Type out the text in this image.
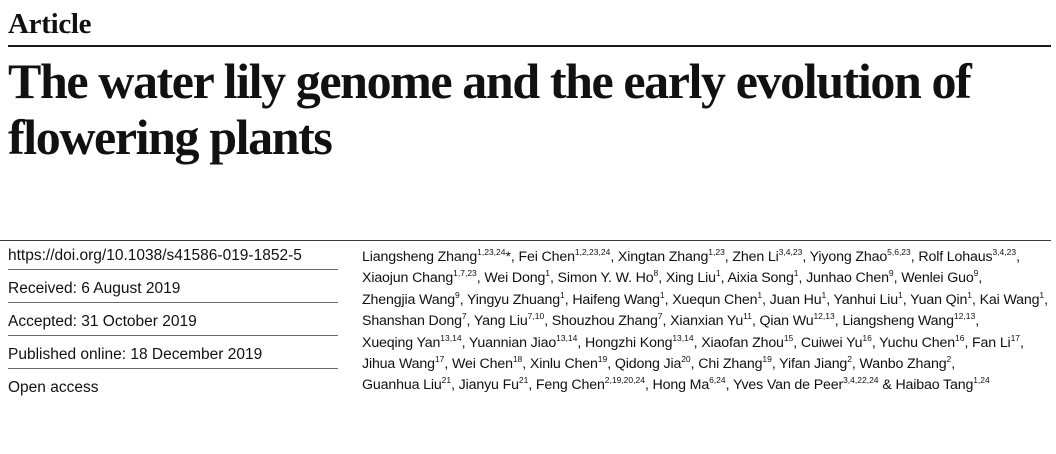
Article
The water lily genome and the early evolution of flowering plants
https://doi.org/10.1038/s41586-019-1852-5
Received: 6 August 2019
Accepted: 31 October 2019
Published online: 18 December 2019
Open access
Liangsheng Zhang$^{1,23,24}$*, Fei Chen$^{1,2,23,24}$, Xingtan Zhang$^{1,23}$, Zhen Li$^{3,4,23}$, Yiyong Zhao$^{5,6,23}$, Rolf Lohaus$^{3,4,23}$, Xiaojun Chang$^{1,7,23}$, Wei Dong$^1$, Simon Y. W. Ho$^8$, Xing Liu$^1$, Aixia Song$^1$, Junhao Chen$^9$, Wenlei Guo$^9$, Zhengjia Wang$^9$, Yingyu Zhuang$^1$, Haifeng Wang$^1$, Xuequn Chen$^1$, Juan Hu$^1$, Yanhui Liu$^1$, Yuan Qin$^1$, Kai Wang$^1$, Shanshan Dong$^7$, Yang Liu$^{7,10}$, Shouzhou Zhang$^7$, Xianxian Yu$^{11}$, Qian Wu$^{12,13}$, Liangsheng Wang$^{12,13}$, Xueqing Yan$^{13,14}$, Yuannian Jiao$^{13,14}$, Hongzhi Kong$^{13,14}$, Xiaofan Zhou$^{15}$, Cuiwei Yu$^{16}$, Yuchu Chen$^{16}$, Fan Li$^{17}$, Jihua Wang$^{17}$, Wei Chen$^{18}$, Xinlu Chen$^{19}$, Qidong Jia$^{20}$, Chi Zhang$^{19}$, Yifan Jiang$^2$, Wanbo Zhang$^2$, Guanhua Liu$^{21}$, Jianyu Fu$^{21}$, Feng Chen$^{2,19,20,24}$, Hong Ma$^{6,24}$, Yves Van de Peer$^{3,4,22,24}$ & Haibao Tang$^{1,24}$
